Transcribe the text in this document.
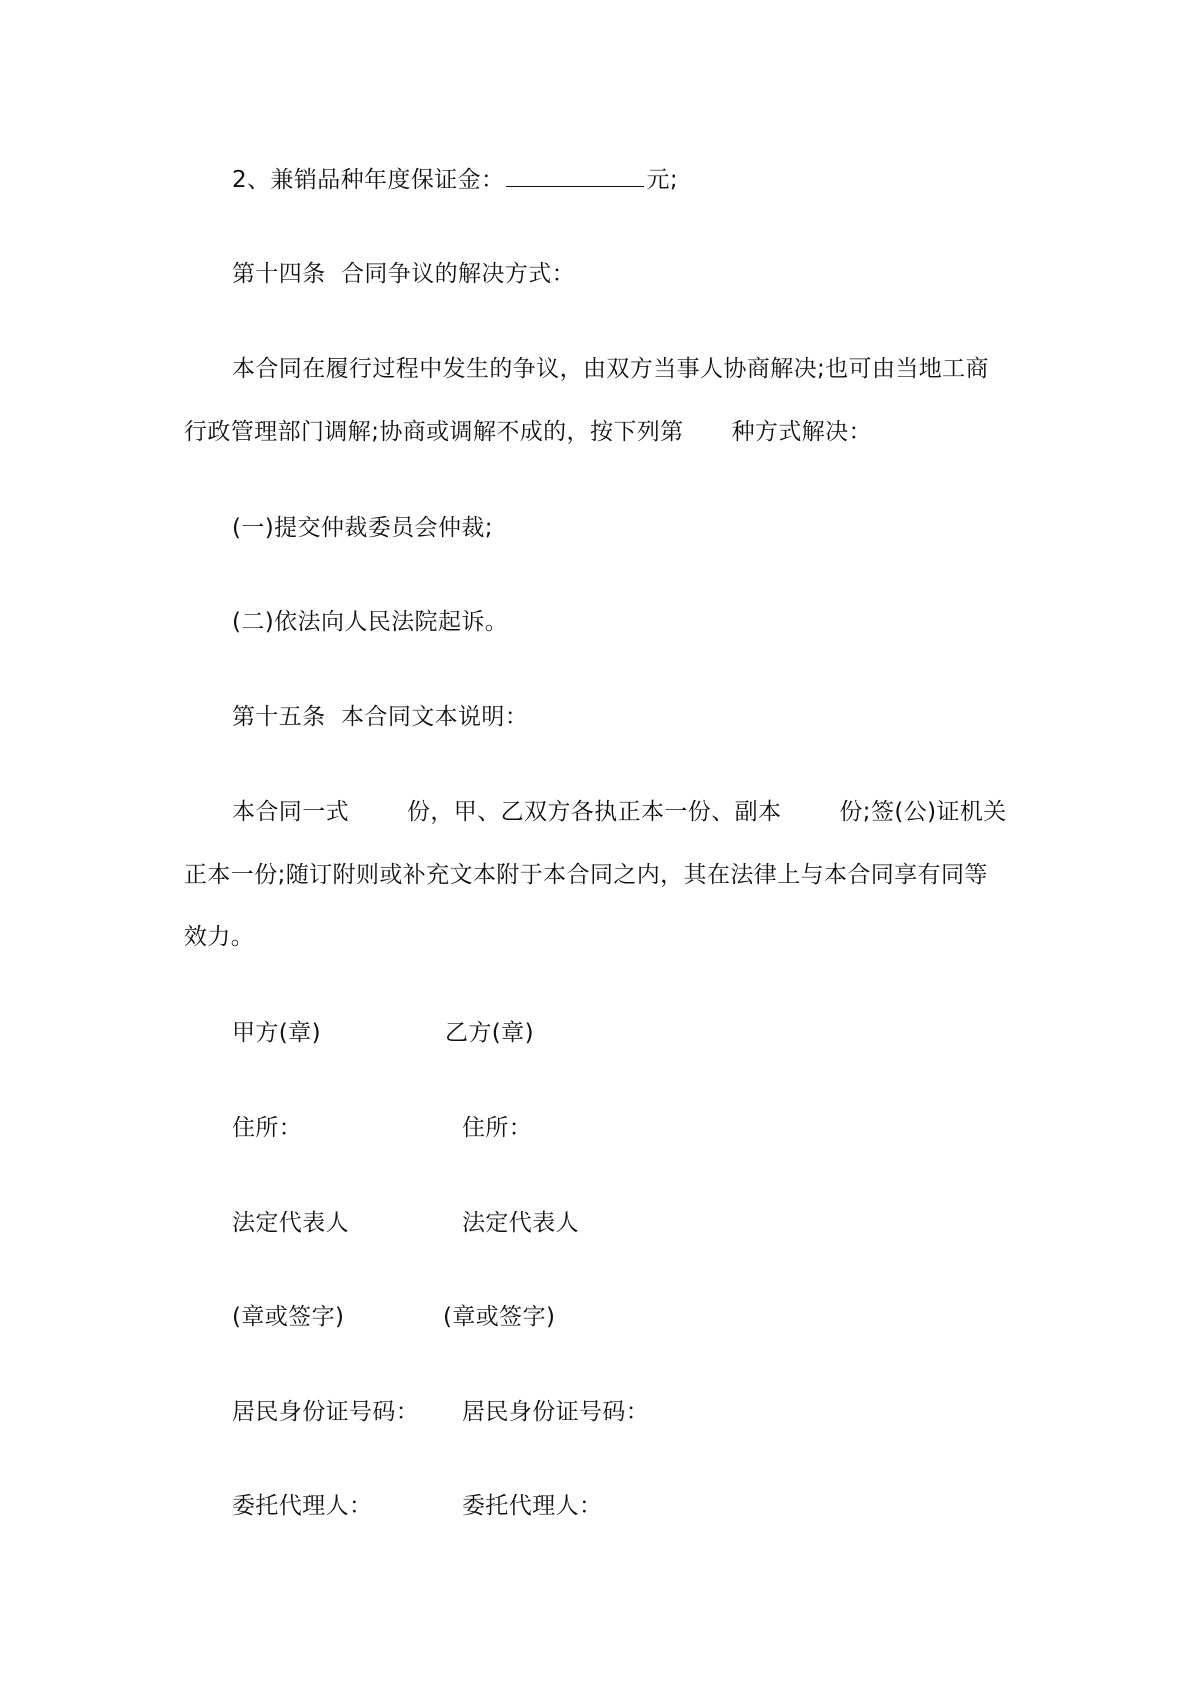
2、兼销品种年度保证金：	元;
第十四条  合同争议的解决方式：
本合同在履行过程中发生的争议，由双方当事人协商解决;也可由当地工商
行政管理部门调解;协商或调解不成的，按下列第 种方式解决：
(一)提交仲裁委员会仲裁;
(二)依法向人民法院起诉。
第十五条  本合同文本说明：
本合同一式	份，甲、乙双方各执正本一份、副本	份;签(公)证机关
正本一份;随订附则或补充文本附于本合同之内，其在法律上与本合同享有同等
效力。
甲方(章)	乙方(章)
住所：	住所：
法定代表人	法定代表人
(章或签字)	(章或签字)
居民身份证号码： 居民身份证号码：
委托代理人：	委托代理人：
